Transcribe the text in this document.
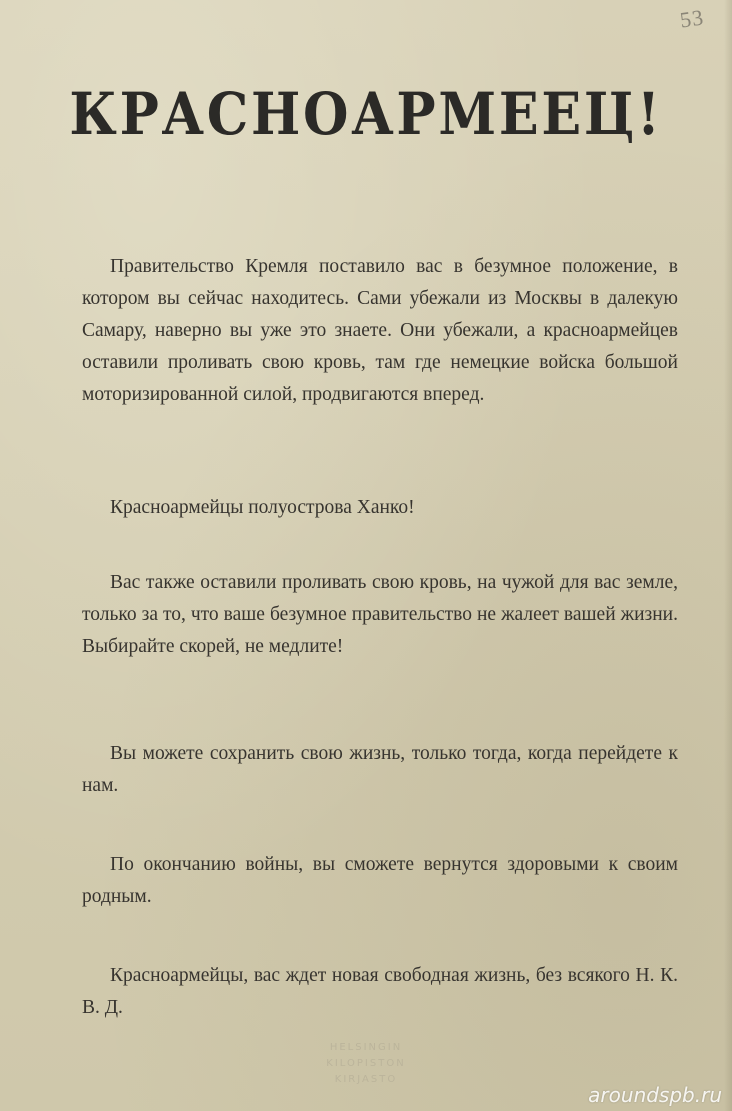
53
КРАСНОАРМЕЕЦ!

Правительство Кремля поставило вас в безумное положение, в котором вы сейчас находитесь. Сами убежали из Москвы в далекую Самару, наверно вы уже это знаете. Они убежали, а красноармейцев оставили проливать свою кровь, там где немецкие войска большой моторизированной силой, продвигаются вперед.

Красноармейцы полуострова Ханко!

Вас также оставили проливать свою кровь, на чужой для вас земле, только за то, что ваше безумное правительство не жалеет вашей жизни. Выбирайте скорей, не медлите!

Вы можете сохранить свою жизнь, только тогда, когда перейдете к нам.

По окончанию войны, вы сможете вернутся здоровыми к своим родным.

Красноармейцы, вас ждет новая свободная жизнь, без всякого Н. К. В. Д.

HELSINGIN
KILOPISTON
KIRJASTO
aroundspb.ru
